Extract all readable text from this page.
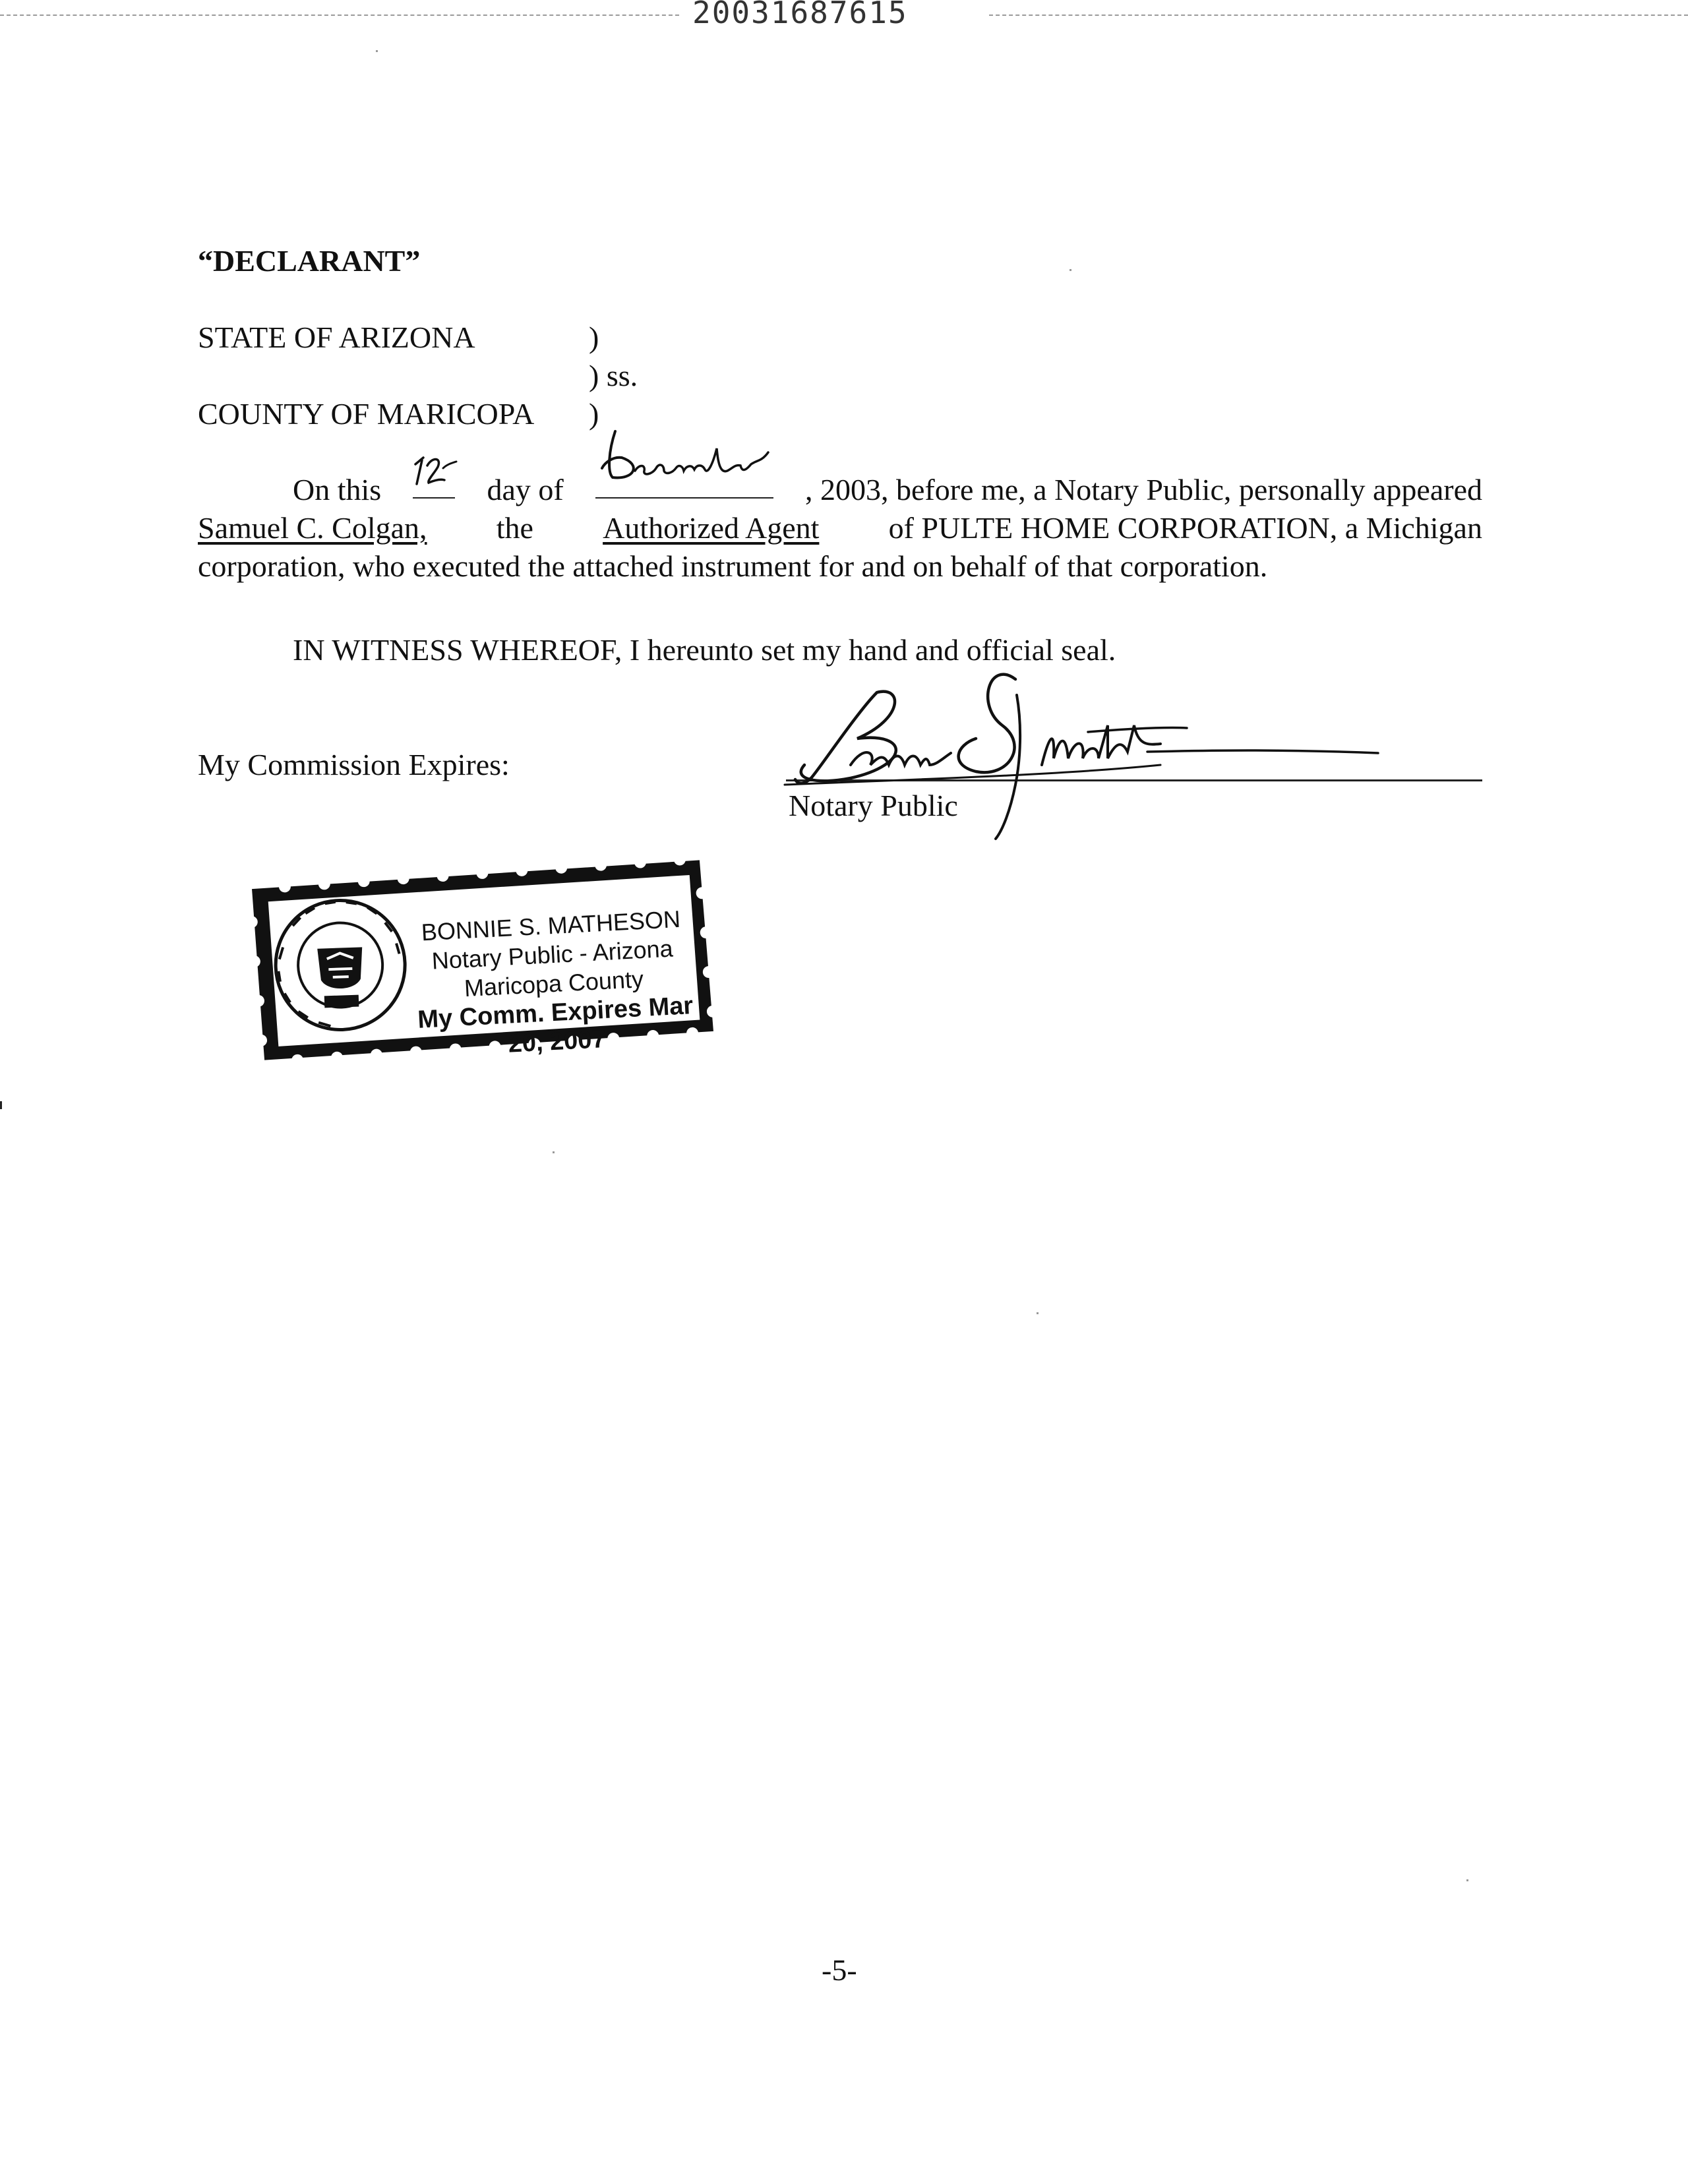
20031687615
“DECLARANT”
STATE OF ARIZONA	)
) ss.
COUNTY OF MARICOPA )
On this	day of	, 2003, before me, a Notary Public, personally appeared
Samuel C. Colgan, the Authorized Agent of PULTE HOME CORPORATION, a Michigan
corporation, who executed the attached instrument for and on behalf of that corporation.
IN WITNESS WHEREOF, I hereunto set my hand and official seal.
My Commission Expires:
Notary Public
BONNIE S. MATHESON
Notary Public - Arizona
Maricopa County
My Comm. Expires Mar 20, 2007
-5-
